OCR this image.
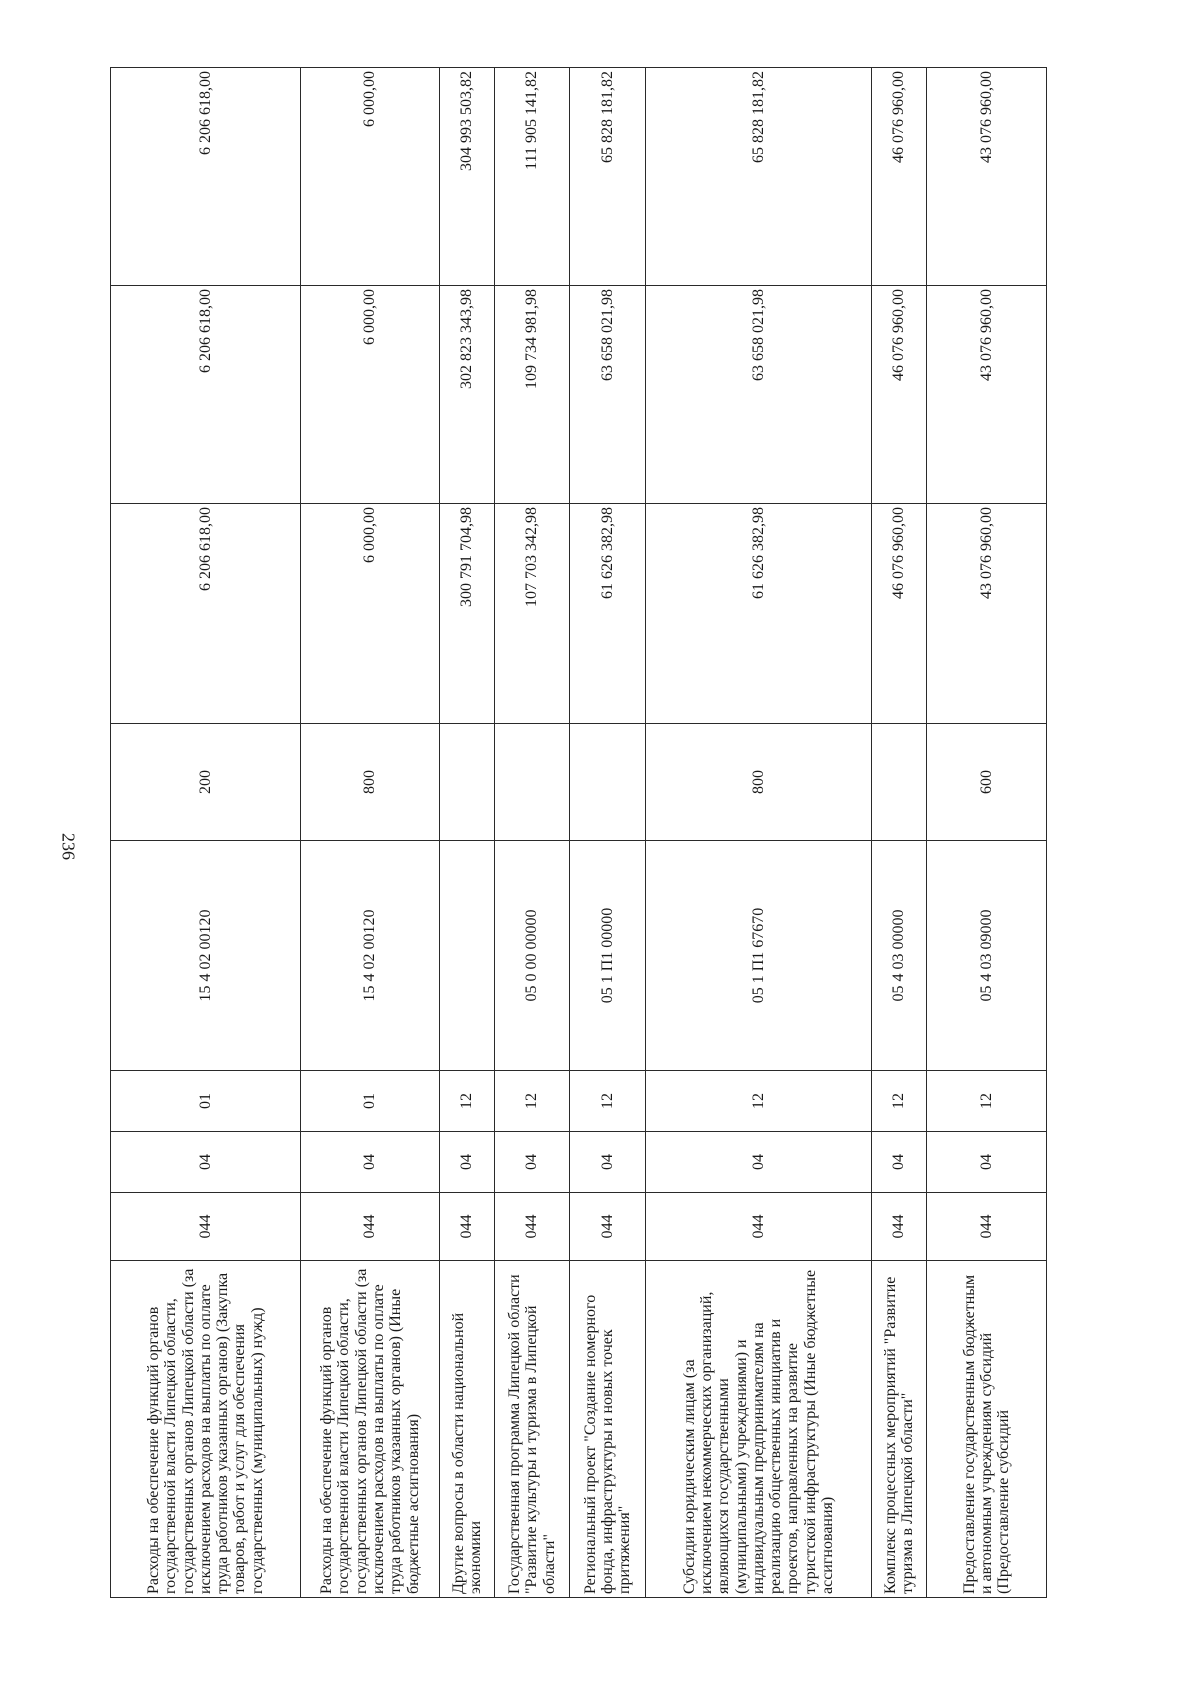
236
Расходы на обеспечение функций органов государственной власти Липецкой области, государственных органов Липецкой области (за исключением расходов на выплаты по оплате труда работников указанных органов) (Закупка товаров, работ и услуг для обеспечения государственных (муниципальных) нужд)	044	04	01	15 4 02 00120	200	6 206 618,00	6 206 618,00	6 206 618,00
Расходы на обеспечение функций органов государственной власти Липецкой области, государственных органов Липецкой области (за исключением расходов на выплаты по оплате труда работников указанных органов) (Иные бюджетные ассигнования)	044	04	01	15 4 02 00120	800	6 000,00	6 000,00	6 000,00
Другие вопросы в области национальной экономики	044	04	12			300 791 704,98	302 823 343,98	304 993 503,82
Государственная программа Липецкой области "Развитие культуры и туризма в Липецкой области"	044	04	12	05 0 00 00000		107 703 342,98	109 734 981,98	111 905 141,82
Региональный проект "Создание номерного фонда, инфраструктуры и новых точек притяжения"	044	04	12	05 1 П1 00000		61 626 382,98	63 658 021,98	65 828 181,82
Субсидии юридическим лицам (за исключением некоммерческих организаций, являющихся государственными (муниципальными) учреждениями) и индивидуальным предпринимателям на реализацию общественных инициатив и проектов, направленных на развитие туристской инфраструктуры (Иные бюджетные ассигнования)	044	04	12	05 1 П1 67670	800	61 626 382,98	63 658 021,98	65 828 181,82
Комплекс процессных мероприятий "Развитие туризма в Липецкой области"	044	04	12	05 4 03 00000		46 076 960,00	46 076 960,00	46 076 960,00
Предоставление государственным бюджетным и автономным учреждениям субсидий (Предоставление субсидий	044	04	12	05 4 03 09000	600	43 076 960,00	43 076 960,00	43 076 960,00
